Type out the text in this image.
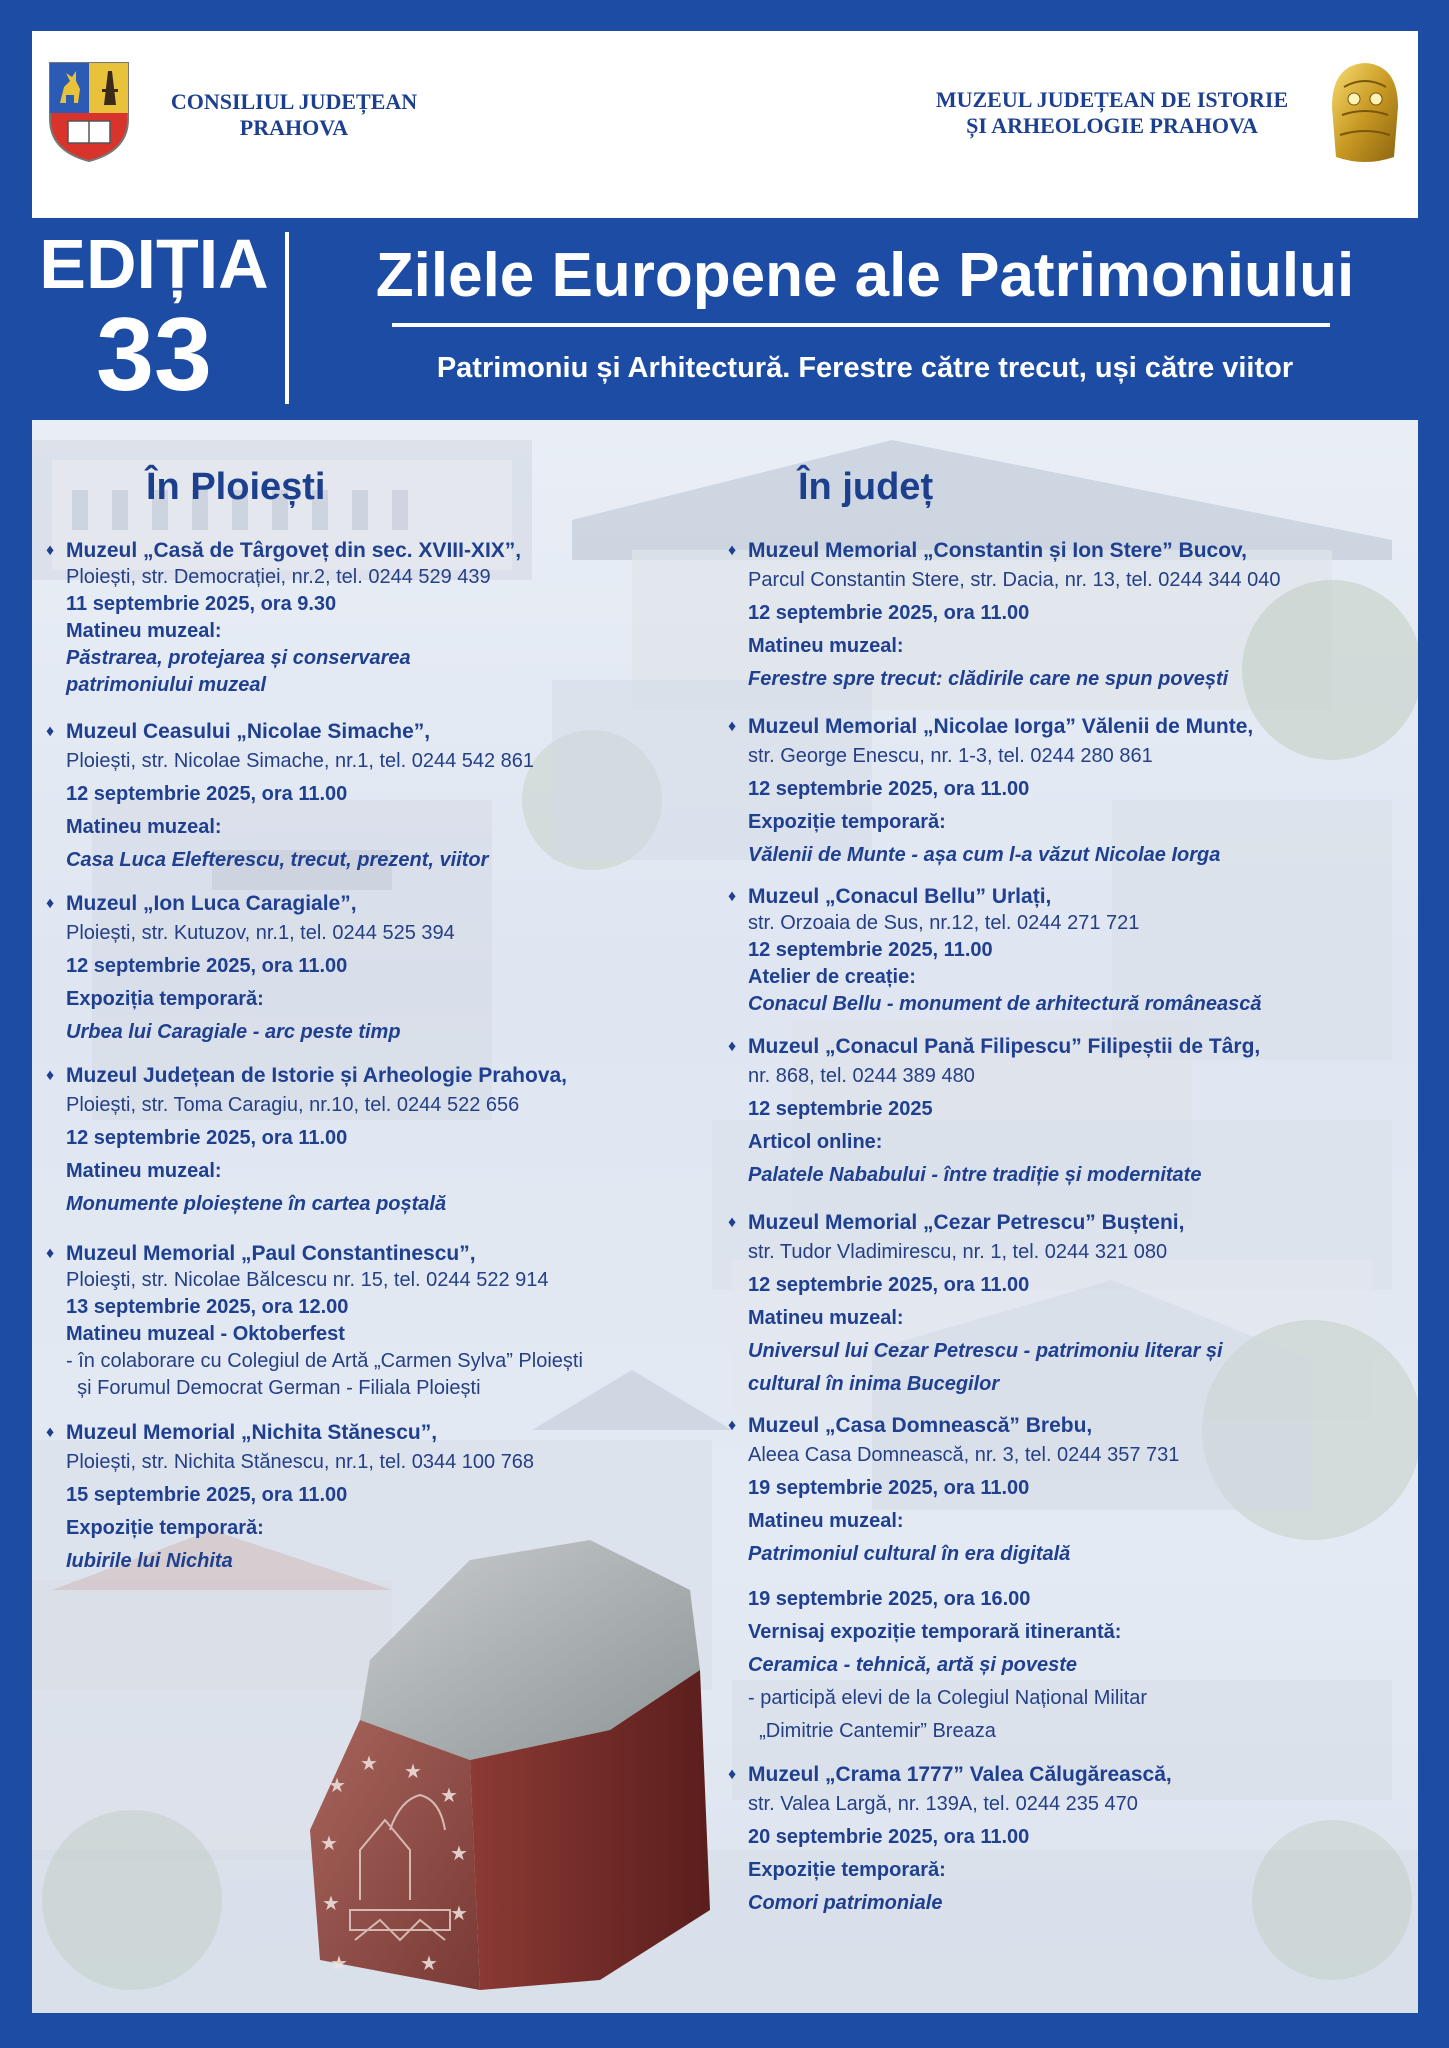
CONSILIUL JUDEȚEAN
PRAHOVA
MUZEUL JUDEȚEAN DE ISTORIE
ȘI ARHEOLOGIE PRAHOVA
EDIȚIA
33
Zilele Europene ale Patrimoniului
Patrimoniu și Arhitectură. Ferestre către trecut, uși către viitor
În Ploiești	În județ
♦ Muzeul „Casă de Târgoveț din sec. XVIII-XIX”,
Ploiești, str. Democrației, nr.2, tel. 0244 529 439
11 septembrie 2025, ora 9.30
Matineu muzeal:
Păstrarea, protejarea și conservarea
patrimoniului muzeal
♦ Muzeul Ceasului „Nicolae Simache”,
Ploiești, str. Nicolae Simache, nr.1, tel. 0244 542 861
12 septembrie 2025, ora 11.00
Matineu muzeal:
Casa Luca Elefterescu, trecut, prezent, viitor
♦ Muzeul „Ion Luca Caragiale”,
Ploiești, str. Kutuzov, nr.1, tel. 0244 525 394
12 septembrie 2025, ora 11.00
Expoziția temporară:
Urbea lui Caragiale - arc peste timp
♦ Muzeul Județean de Istorie și Arheologie Prahova,
Ploiești, str. Toma Caragiu, nr.10, tel. 0244 522 656
12 septembrie 2025, ora 11.00
Matineu muzeal:
Monumente ploieștene în cartea poștală
♦ Muzeul Memorial „Paul Constantinescu”,
Ploieşti, str. Nicolae Bălcescu nr. 15, tel. 0244 522 914
13 septembrie 2025, ora 12.00
Matineu muzeal - Oktoberfest
- în colaborare cu Colegiul de Artă „Carmen Sylva” Ploiești
și Forumul Democrat German - Filiala Ploiești
♦ Muzeul Memorial „Nichita Stănescu”,
Ploiești, str. Nichita Stănescu, nr.1, tel. 0344 100 768
15 septembrie 2025, ora 11.00
Expoziție temporară:
Iubirile lui Nichita
♦ Muzeul Memorial „Constantin și Ion Stere” Bucov,
Parcul Constantin Stere, str. Dacia, nr. 13, tel. 0244 344 040
12 septembrie 2025, ora 11.00
Matineu muzeal:
Ferestre spre trecut: clădirile care ne spun povești
♦ Muzeul Memorial „Nicolae Iorga” Vălenii de Munte,
str. George Enescu, nr. 1-3, tel. 0244 280 861
12 septembrie 2025, ora 11.00
Expoziție temporară:
Vălenii de Munte - așa cum l-a văzut Nicolae Iorga
♦ Muzeul „Conacul Bellu” Urlați,
str. Orzoaia de Sus, nr.12, tel. 0244 271 721
12 septembrie 2025, 11.00
Atelier de creație:
Conacul Bellu - monument de arhitectură românească
♦ Muzeul „Conacul Pană Filipescu” Filipeștii de Târg,
nr. 868, tel. 0244 389 480
12 septembrie 2025
Articol online:
Palatele Nababului - între tradiție și modernitate
♦ Muzeul Memorial „Cezar Petrescu” Bușteni,
str. Tudor Vladimirescu, nr. 1, tel. 0244 321 080
12 septembrie 2025, ora 11.00
Matineu muzeal:
Universul lui Cezar Petrescu - patrimoniu literar și
cultural în inima Bucegilor
♦ Muzeul „Casa Domnească” Brebu,
Aleea Casa Domnească, nr. 3, tel. 0244 357 731
19 septembrie 2025, ora 11.00
Matineu muzeal:
Patrimoniul cultural în era digitală
19 septembrie 2025, ora 16.00
Vernisaj expoziție temporară itinerantă:
Ceramica - tehnică, artă și poveste
- participă elevi de la Colegiul Național Militar
„Dimitrie Cantemir” Breaza
♦ Muzeul „Crama 1777” Valea Călugărească,
str. Valea Largă, nr. 139A, tel. 0244 235 470
20 septembrie 2025, ora 11.00
Expoziție temporară:
Comori patrimoniale
★
★ ★
★
★
★
★
★
★
★
